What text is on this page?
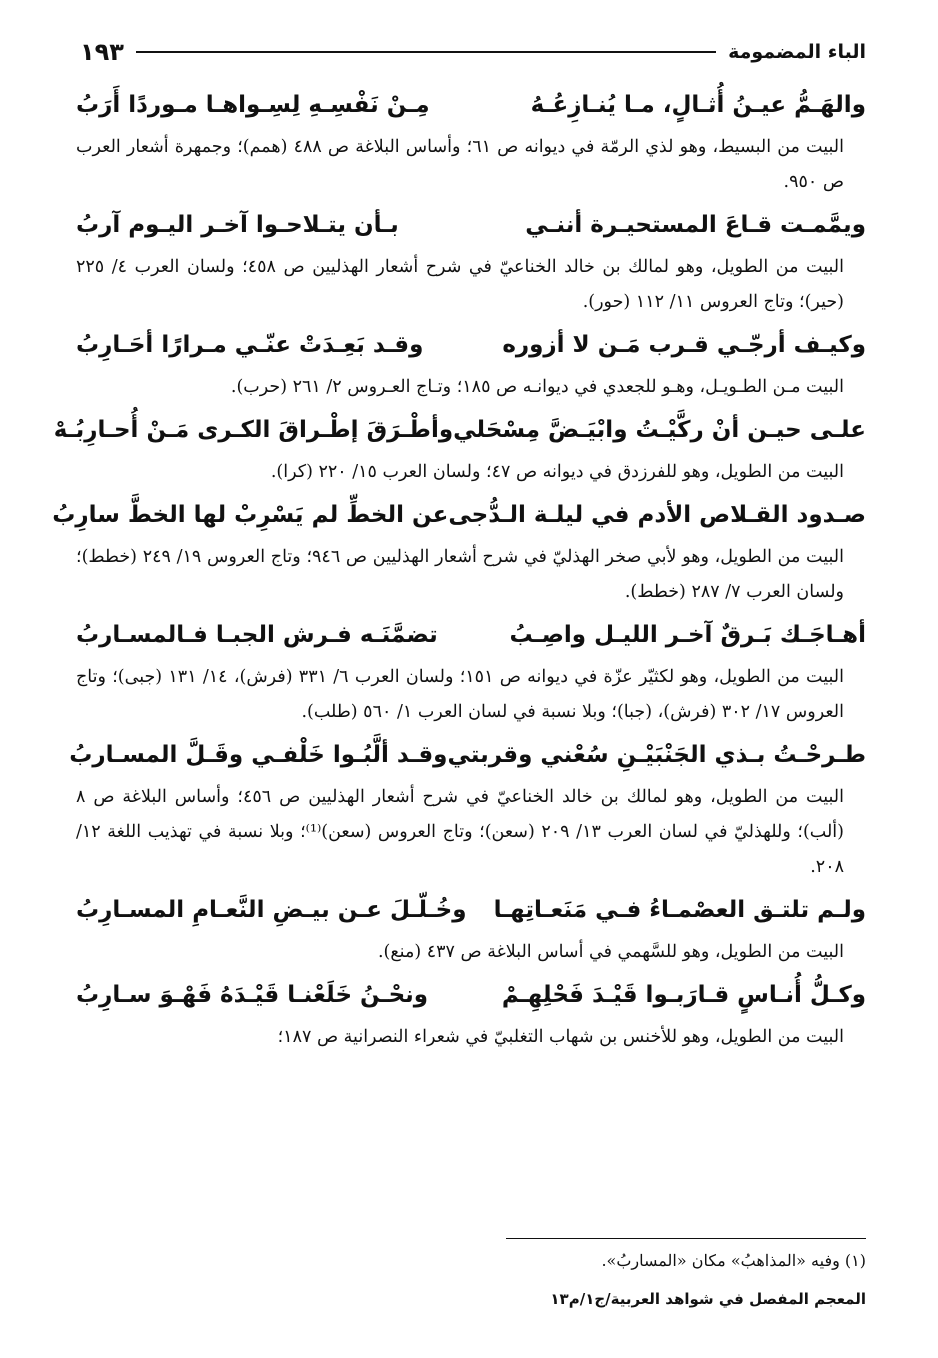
الباء المضمومة
١٩٣
والهَـمُّ عيـنُ أُثـالٍ، مـا يُنـازِعُـهُ
مِـنْ نَفْسِـهِ لِسِـواهـا مـوردًا أَرَبُ

البيت من البسيط، وهو لذي الرمّة في ديوانه ص ٦١؛ وأساس البلاغة ص ٤٨٨ (همم)؛ وجمهرة أشعار العرب ص ٩٥٠.

ويمَّمـت قـاعَ المستحيـرة أننـي
بـأن يتـلاحـوا آخـر اليـوم آربُ

البيت من الطويل، وهو لمالك بن خالد الخناعيّ في شرح أشعار الهذليين ص ٤٥٨؛ ولسان العرب ٤/ ٢٢٥ (حير)؛ وتاج العروس ١١/ ١١٢ (حور).

وكيـف أرجّـي قـرب مَـن لا أزوره
وقـد بَعِـدَتْ عنّـي مـرارًا أحَـارِبُ

البيت مـن الطـويـل، وهـو للجعدي في ديوانـه ص ١٨٥؛ وتـاج العـروس ٢/ ٢٦١ (حرب).

علـى حيـن أنْ ركَّيْـتُ وابْيَـضَّ مِسْحَلي
وأطْـرَقَ إطْـراقَ الكـرى مَـنْ أُحـارِبُـهْ

البيت من الطويل، وهو للفرزدق في ديوانه ص ٤٧؛ ولسان العرب ١٥/ ٢٢٠ (كرا).

صـدود القـلاص الأدم في ليلـة الـدُّجى
عن الخطِّ لم يَسْرِبْ لها الخطَّ سارِبُ

البيت من الطويل، وهو لأبي صخر الهذليّ في شرح أشعار الهذليين ص ٩٤٦؛ وتاج العروس ١٩/ ٢٤٩ (خطط)؛ ولسان العرب ٧/ ٢٨٧ (خطط).

أهـاجَـك بَـرقٌ آخـر الليـل واصِـبُ
تضمَّنَـه فـرش الجبـا فـالمسـاربُ

البيت من الطويل، وهو لكثيّر عزّة في ديوانه ص ١٥١؛ ولسان العرب ٦/ ٣٣١ (فرش)، ١٤/ ١٣١ (جبى)؛ وتاج العروس ١٧/ ٣٠٢ (فرش)، (جبا)؛ وبلا نسبة في لسان العرب ١/ ٥٦٠ (طلب).

طـرحْـتُ بـذي الجَنْبَيْـنِ سُعْني وقربتي
وقـد ألَّبُـوا خَلْفـي وقَـلَّ المسـاربُ

البيت من الطويل، وهو لمالك بن خالد الخناعيّ في شرح أشعار الهذليين ص ٤٥٦؛ وأساس البلاغة ص ٨ (ألب)؛ وللهذليّ في لسان العرب ١٣/ ٢٠٩ (سعن)؛ وتاج العروس (سعن)⁽¹⁾؛ وبلا نسبة في تهذيب اللغة ١٢/ ٢٠٨.

ولـم تلتـق العصْمـاءُ فـي مَنَعـاتِهـا
وخُـلّـلَ عـن بيـضِ النَّعـامِ المسـارِبُ

البيت من الطويل، وهو للسَّهمي في أساس البلاغة ص ٤٣٧ (منع).

وكـلُّ أُنـاسٍ قـارَبـوا قَيْـدَ فَحْلِهِـمْ
ونحْـنُ خَلَعْنـا قَيْـدَهُ فَهْـوَ سـارِبُ

البيت من الطويل، وهو للأخنس بن شهاب التغلبيّ في شعراء النصرانية ص ١٨٧؛

(١) وفيه «المذاهبُ» مكان «المساربُ».
المعجم المفصل في شواهد العربية/ج١/م١٣
